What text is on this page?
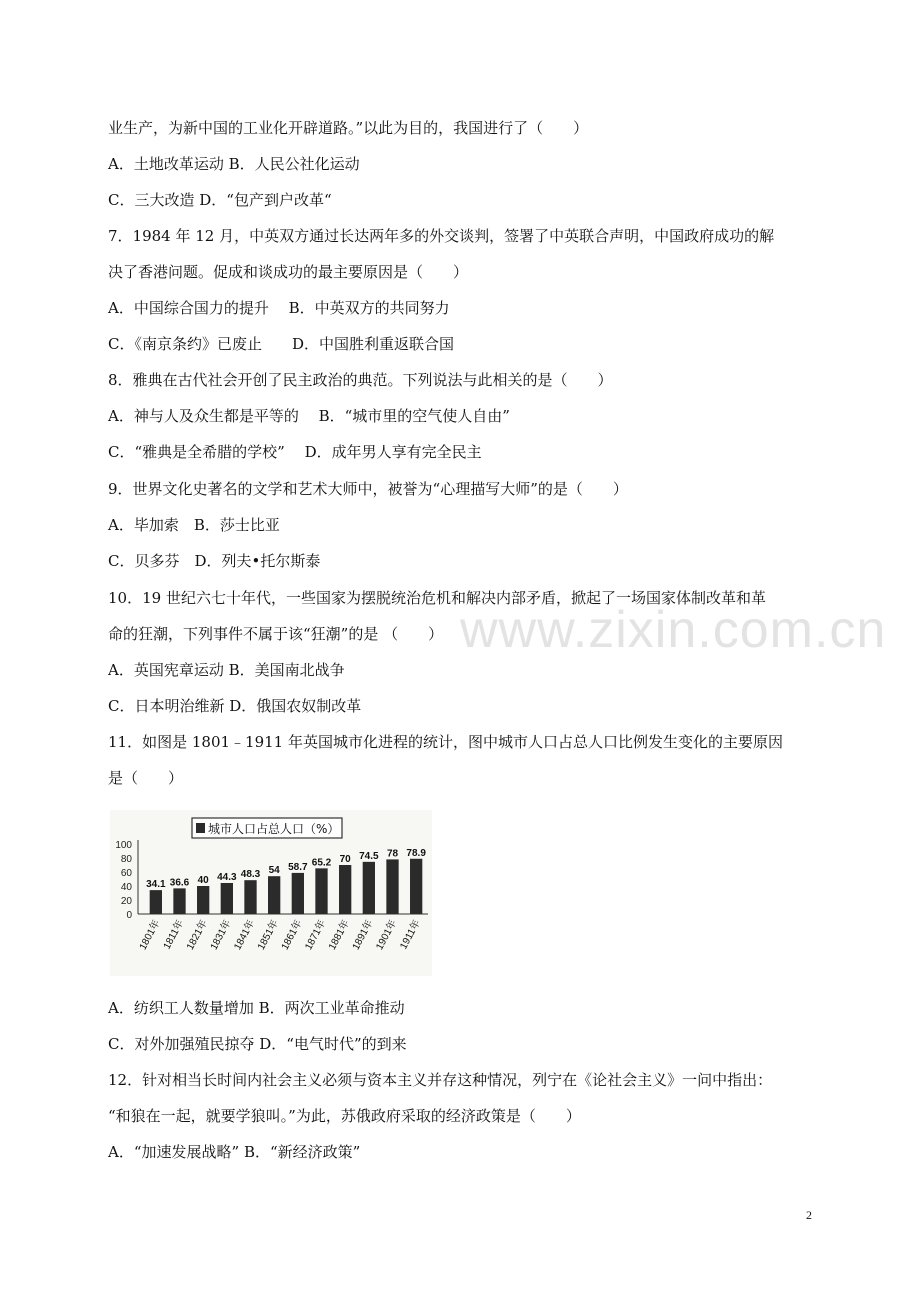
www.zixin.com.cn
业生产，为新中国的工业化开辟道路。”以此为目的，我国进行了（　　）
A．土地改革运动 B．人民公社化运动
C．三大改造 D．“包产到户改革“
7．1984 年 12 月，中英双方通过长达两年多的外交谈判，签署了中英联合声明，中国政府成功的解
决了香港问题。促成和谈成功的最主要原因是（　　）
A．中国综合国力的提升　 B．中英双方的共同努力
C．《南京条约》已废止　　D．中国胜利重返联合国
8．雅典在古代社会开创了民主政治的典范。下列说法与此相关的是（　　）
A．神与人及众生都是平等的　 B．“城市里的空气使人自由”
C．“雅典是全希腊的学校”　 D．成年男人享有完全民主
9．世界文化史著名的文学和艺术大师中，被誉为“心理描写大师”的是（　　）
A．毕加索　B．莎士比亚
C．贝多芬　D．列夫•托尔斯泰
10．19 世纪六七十年代，一些国家为摆脱统治危机和解决内部矛盾，掀起了一场国家体制改革和革
命的狂潮，下列事件不属于该“狂潮”的是 （　　）
A．英国宪章运动 B．美国南北战争
C．日本明治维新 D．俄国农奴制改革
11．如图是 1801﹣1911 年英国城市化进程的统计，图中城市人口占总人口比例发生变化的主要原因
是（　　）
城市人口占总人口（%）
100
80
60
40
20
0
34.1
1801年
36.6
1811年
40
1821年
44.3
1831年
48.3
1841年
54
1851年
58.7
1861年
65.2
1871年
70
1881年
74.5
1891年
78
1901年
78.9
1911年
A．纺织工人数量增加 B．两次工业革命推动
C．对外加强殖民掠夺 D．“电气时代”的到来
12．针对相当长时间内社会主义必须与资本主义并存这种情况，列宁在《论社会主义》一问中指出：
“和狼在一起，就要学狼叫。”为此，苏俄政府采取的经济政策是（　　）
A．“加速发展战略” B．“新经济政策”
2
